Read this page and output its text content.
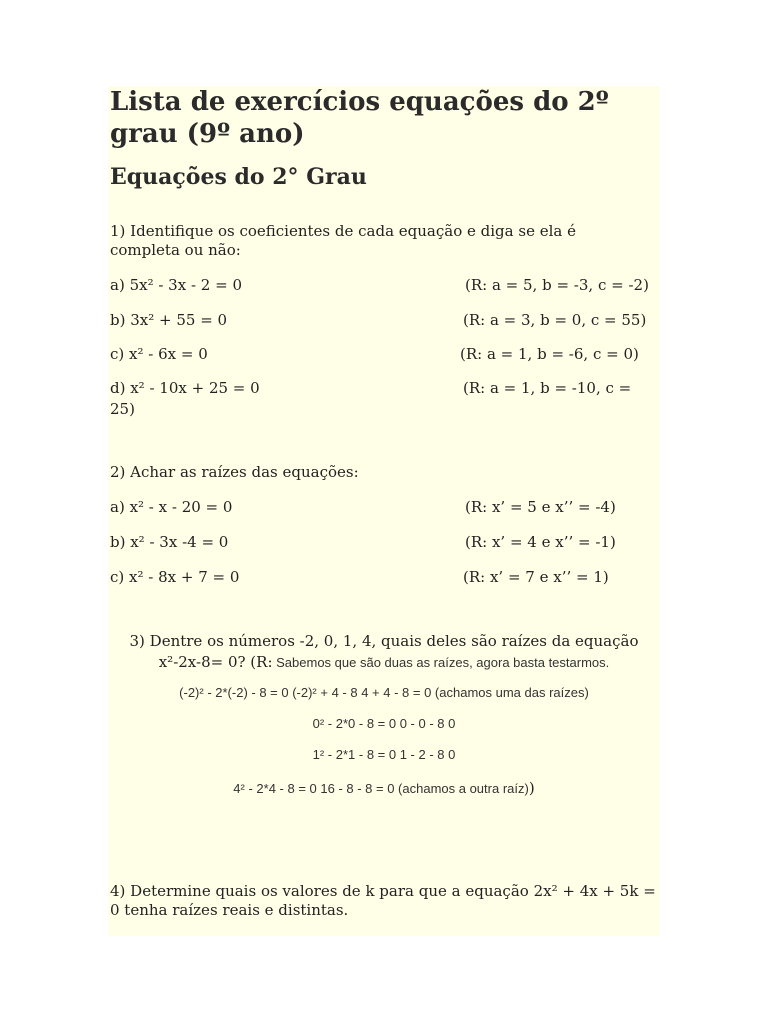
Lista de exercícios equações do 2º grau (9º ano)
Equações do 2° Grau
1) Identifique os coeficientes de cada equação e diga se ela é completa ou não:
a) 5x² - 3x - 2 = 0	(R: a = 5, b = -3, c = -2)
b) 3x² + 55 = 0	(R: a = 3, b = 0, c = 55)
c) x² - 6x = 0	(R: a = 1, b = -6, c = 0)
d) x² - 10x + 25 = 0	(R: a = 1, b = -10, c =
25)
2) Achar as raízes das equações:
a) x² - x - 20 = 0	(R: x’ = 5 e x’’ = -4)
b) x² - 3x -4 = 0	(R: x’ = 4 e x’’ = -1)
c) x² - 8x + 7 = 0	(R: x’ = 7 e x’’ = 1)
3) Dentre os números -2, 0, 1, 4, quais deles são raízes da equação
x²-2x-8= 0? (R: Sabemos que são duas as raízes, agora basta testarmos.
(-2)² - 2*(-2) - 8 = 0 (-2)² + 4 - 8 4 + 4 - 8 = 0 (achamos uma das raízes)
0² - 2*0 - 8 = 0 0 - 0 - 8 0
1² - 2*1 - 8 = 0 1 - 2 - 8 0
4² - 2*4 - 8 = 0 16 - 8 - 8 = 0 (achamos a outra raíz))
4) Determine quais os valores de k para que a equação 2x² + 4x + 5k = 0 tenha raízes reais e distintas.
